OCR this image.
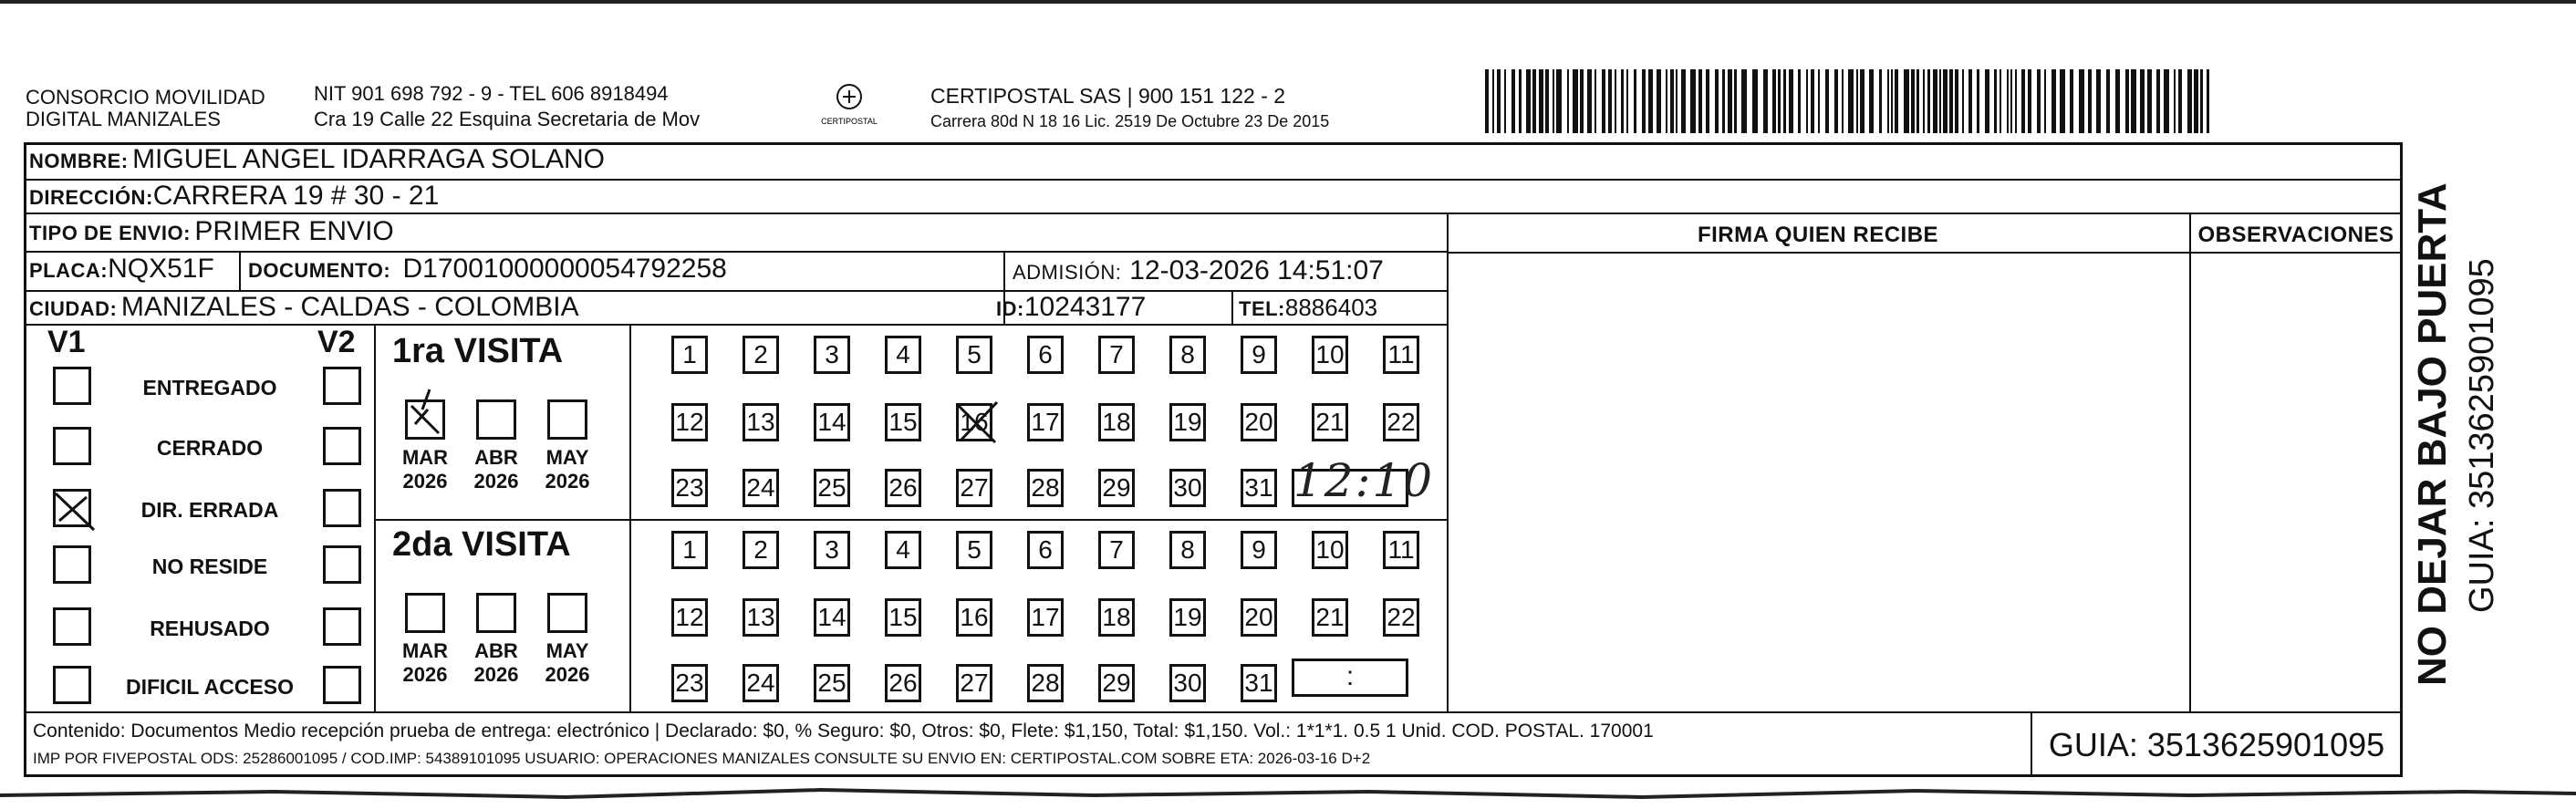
CONSORCIO MOVILIDAD
DIGITAL MANIZALES
NIT 901 698 792 - 9 - TEL 606 8918494
Cra 19 Calle 22 Esquina Secretaria de Mov	CERTIPOSTAL
CERTIPOSTAL SAS | 900 151 122 - 2
Carrera 80d N 18 16 Lic. 2519 De Octubre 23 De 2015
NOMBRE: MIGUEL ANGEL IDARRAGA SOLANO
DIRECCIÓN:CARRERA 19 # 30 - 21
TIPO DE ENVIO: PRIMER ENVIO
PLACA:NQX51F DOCUMENTO: D17001000000054792258	ADMISIÓN: 12-03-2026 14:51:07
CIUDAD: MANIZALES - CALDAS - COLOMBIA	ID:10243177	TEL:8886403
FIRMA QUIEN RECIBE	OBSERVACIONES
V1	V2
ENTREGADO
CERRADO
DIR. ERRADA
NO RESIDE
REHUSADO
DIFICIL ACCESO
1ra VISITA
2da VISITA
MAR
2026
ABR
2026
MAY
2026
MAR
2026
ABR
2026
MAY
2026
1	2	3	4	5	6	7	8	9	10 11
12 13 14 15 16 17 18 19 20 21 22
23 24 25 26 27 28 29 30 31
1	2	3	4	5	6	7	8	9	10 11
12 13 14 15 16 17 18 19 20 21 22
23 24 25 26 27 28 29 30 31
12:10
:
Contenido: Documentos Medio recepción prueba de entrega: electrónico | Declarado: $0, % Seguro: $0, Otros: $0, Flete: $1,150, Total: $1,150. Vol.: 1*1*1. 0.5 1 Unid. COD. POSTAL. 170001
IMP POR FIVEPOSTAL ODS: 25286001095 / COD.IMP: 54389101095 USUARIO: OPERACIONES MANIZALES CONSULTE SU ENVIO EN: CERTIPOSTAL.COM SOBRE ETA: 2026-03-16 D+2	GUIA: 3513625901095
NO DEJAR BAJO PUERTA GUIA: 3513625901095
